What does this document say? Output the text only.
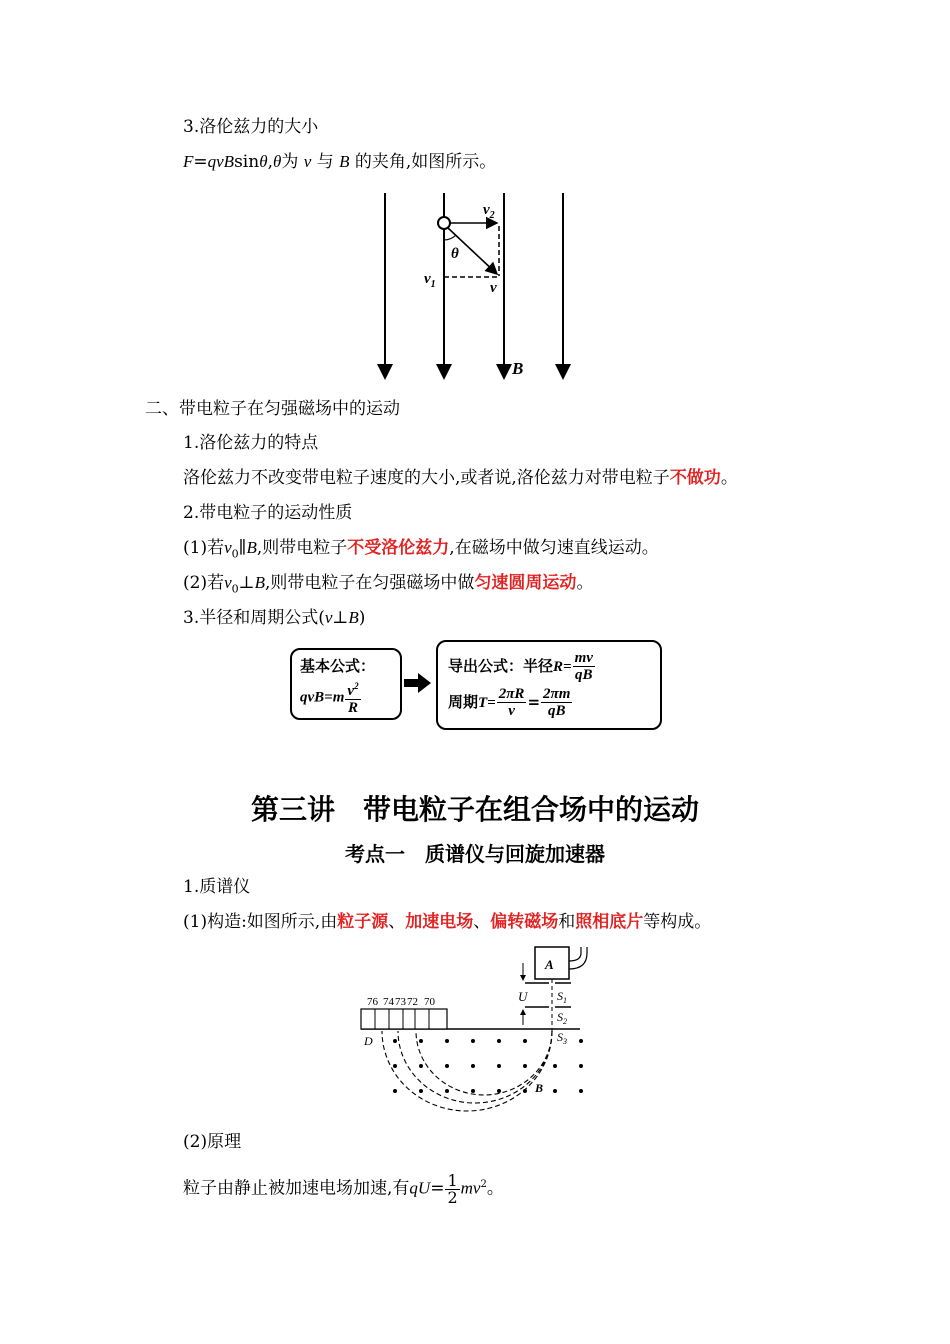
3.洛伦兹力的大小
F=qvBsinθ,θ为 v 与 B 的夹角,如图所示。
$v_2$
θ
$v_1$	v
B
二、带电粒子在匀强磁场中的运动
1.洛伦兹力的特点
洛伦兹力不改变带电粒子速度的大小,或者说,洛伦兹力对带电粒子不做功。
2.带电粒子的运动性质
(1)若$v_0\parallel B$,则带电粒子不受洛伦兹力,在磁场中做匀速直线运动。
(2)若$v_0\perp B$,则带电粒子在匀强磁场中做匀速圆周运动。
3.半径和周期公式(v⊥B)
基本公式：
$qvB=m \frac{v^2}{R}$
导出公式：半径$R= \frac{mv}{qB}$
周期$T= \frac{2\pi R}{v} = \frac{2\pi m}{qB}$
第三讲　带电粒子在组合场中的运动
考点一　质谱仪与回旋加速器
1.质谱仪
(1)构造:如图所示,由粒子源、加速电场、偏转磁场和照相底片等构成。
A
U $S_1$
$S_2$
$S_3$
76 74 73 72 70
D
B
(2)原理
粒子由静止被加速电场加速,有$qU= \frac{1}{2} mv^2$。
